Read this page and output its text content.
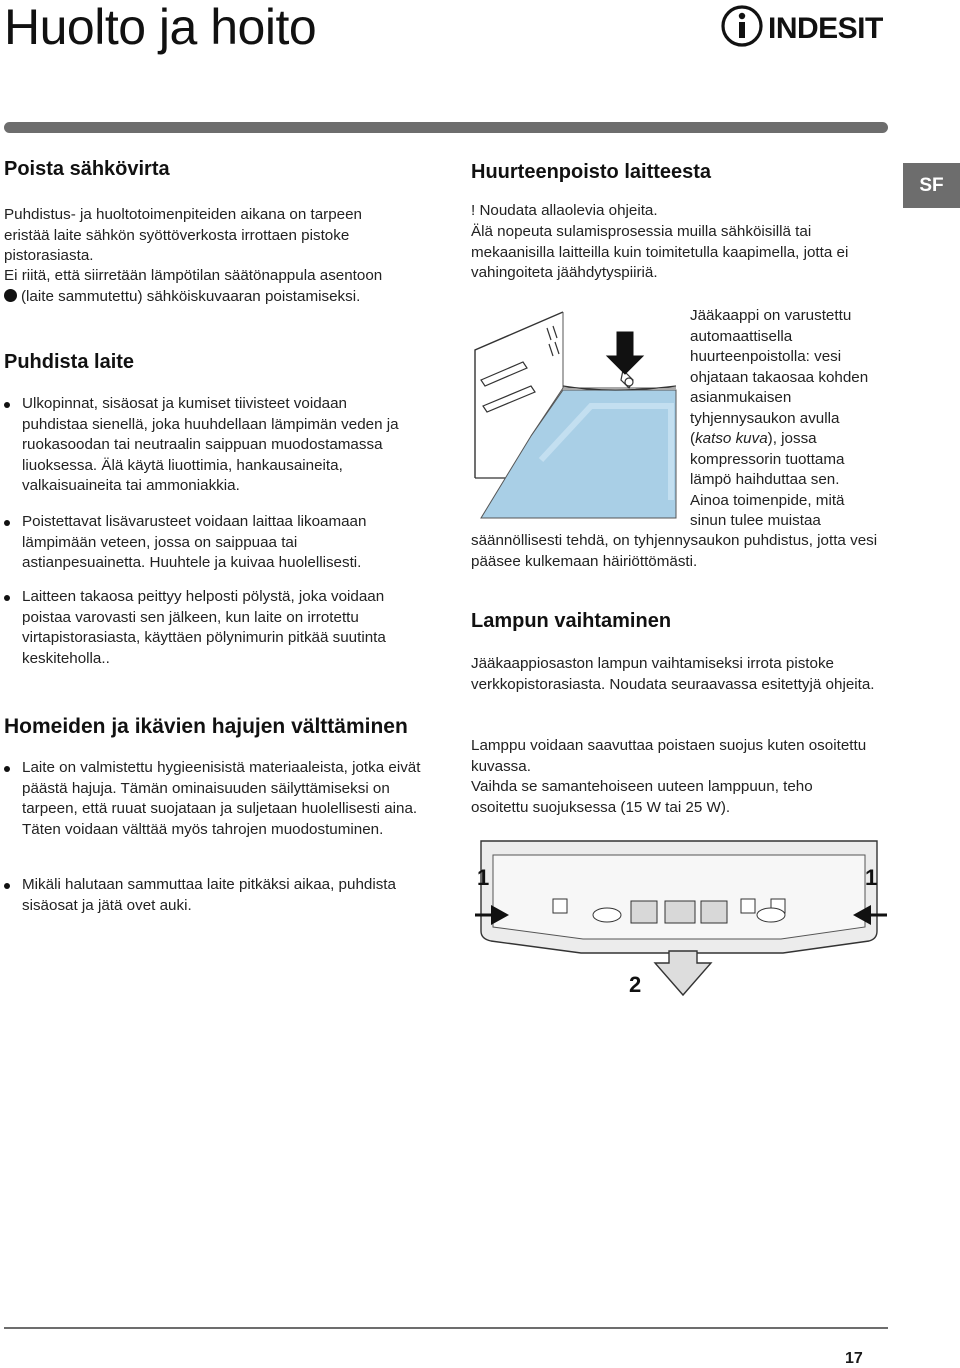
Huolto ja hoito	INDESIT
SF
Poista sähkövirta

Puhdistus- ja huoltotoimenpiteiden aikana on tarpeen eristää laite sähkön syöttöverkosta irrottaen pistoke pistorasiasta.

Ei riitä, että siirretään lämpötilan säätönappula asentoon
(laite sammutettu) sähköiskuvaaran poistamiseksi.

Puhdista laite

Ulkopinnat, sisäosat ja kumiset tiivisteet voidaan puhdistaa sienellä, joka huuhdellaan lämpimän veden ja ruokasoodan tai neutraalin saippuan muodostamassa liuoksessa. Älä käytä liuottimia, hankausaineita, valkaisuaineita tai ammoniakkia.

Poistettavat lisävarusteet voidaan laittaa likoamaan lämpimään veteen, jossa on saippuaa tai astianpesuainetta. Huuhtele ja kuivaa huolellisesti.

Laitteen takaosa peittyy helposti pölystä, joka voidaan poistaa varovasti sen jälkeen, kun laite on irrotettu virtapistorasiasta, käyttäen pölynimurin pitkää suutinta keskiteholla..

Homeiden ja ikävien hajujen välttäminen

Laite on valmistettu hygieenisistä materiaaleista, jotka eivät päästä hajuja. Tämän ominaisuuden säilyttämiseksi on tarpeen, että ruuat suojataan ja suljetaan huolellisesti aina. Täten voidaan välttää myös tahrojen muodostuminen.

Mikäli halutaan sammuttaa laite pitkäksi aikaa, puhdista sisäosat ja jätä ovet auki.

Huurteenpoisto laitteesta

! Noudata allaolevia ohjeita.

Älä nopeuta sulamisprosessia muilla sähköisillä tai mekaanisilla laitteilla kuin toimitetulla kaapimella, jotta ei vahingoiteta jäähdytyspiiriä.

Jääkaappi on varustettu

automaattisella

huurteenpoistolla: vesi

ohjataan takaosaa kohden

asianmukaisen

tyhjennysaukon avulla

(katso kuva), jossa

kompressorin tuottama

lämpö haihduttaa sen.

Ainoa toimenpide, mitä

sinun tulee muistaa

säännöllisesti tehdä, on tyhjennysaukon puhdistus, jotta vesi pääsee kulkemaan häiriöttömästi.

Lampun vaihtaminen

Jääkaappiosaston lampun vaihtamiseksi irrota pistoke verkkopistorasiasta. Noudata seuraavassa esitettyjä ohjeita.

Lamppu voidaan saavuttaa poistaen suojus kuten osoitettu kuvassa.

Vaihda se samantehoiseen uuteen lamppuun, teho osoitettu suojuksessa (15 W tai 25 W).

1	1
2
17
